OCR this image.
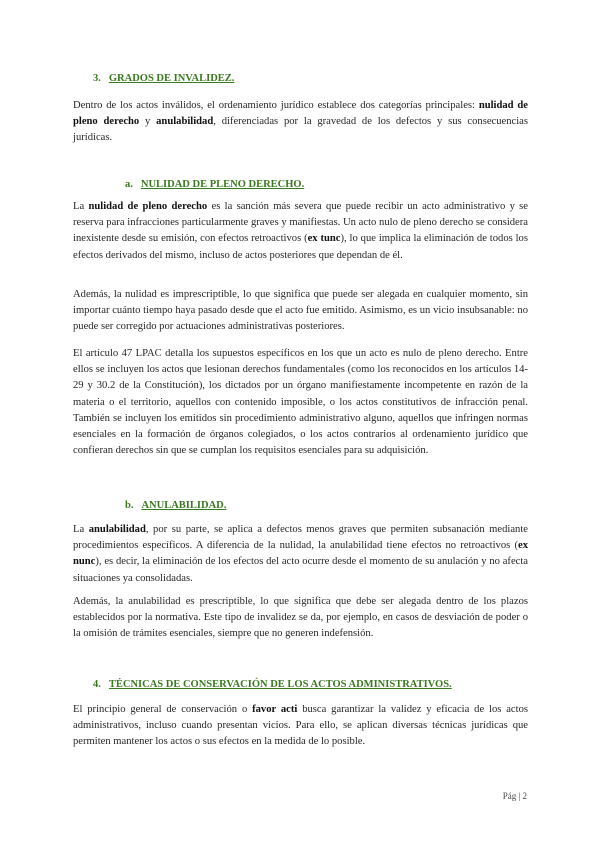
3. GRADOS DE INVALIDEZ.
Dentro de los actos inválidos, el ordenamiento jurídico establece dos categorías principales: nulidad de pleno derecho y anulabilidad, diferenciadas por la gravedad de los defectos y sus consecuencias jurídicas.
a. NULIDAD DE PLENO DERECHO.
La nulidad de pleno derecho es la sanción más severa que puede recibir un acto administrativo y se reserva para infracciones particularmente graves y manifiestas. Un acto nulo de pleno derecho se considera inexistente desde su emisión, con efectos retroactivos (ex tunc), lo que implica la eliminación de todos los efectos derivados del mismo, incluso de actos posteriores que dependan de él.
Además, la nulidad es imprescriptible, lo que significa que puede ser alegada en cualquier momento, sin importar cuánto tiempo haya pasado desde que el acto fue emitido. Asimismo, es un vicio insubsanable: no puede ser corregido por actuaciones administrativas posteriores.
El artículo 47 LPAC detalla los supuestos específicos en los que un acto es nulo de pleno derecho. Entre ellos se incluyen los actos que lesionan derechos fundamentales (como los reconocidos en los artículos 14-29 y 30.2 de la Constitución), los dictados por un órgano manifiestamente incompetente en razón de la materia o el territorio, aquellos con contenido imposible, o los actos constitutivos de infracción penal. También se incluyen los emitidos sin procedimiento administrativo alguno, aquellos que infringen normas esenciales en la formación de órganos colegiados, o los actos contrarios al ordenamiento jurídico que confieran derechos sin que se cumplan los requisitos esenciales para su adquisición.
b. ANULABILIDAD.
La anulabilidad, por su parte, se aplica a defectos menos graves que permiten subsanación mediante procedimientos específicos. A diferencia de la nulidad, la anulabilidad tiene efectos no retroactivos (ex nunc), es decir, la eliminación de los efectos del acto ocurre desde el momento de su anulación y no afecta situaciones ya consolidadas.
Además, la anulabilidad es prescriptible, lo que significa que debe ser alegada dentro de los plazos establecidos por la normativa. Este tipo de invalidez se da, por ejemplo, en casos de desviación de poder o la omisión de trámites esenciales, siempre que no generen indefensión.
4. TÉCNICAS DE CONSERVACIÓN DE LOS ACTOS ADMINISTRATIVOS.
El principio general de conservación o favor acti busca garantizar la validez y eficacia de los actos administrativos, incluso cuando presentan vicios. Para ello, se aplican diversas técnicas jurídicas que permiten mantener los actos o sus efectos en la medida de lo posible.
Pág | 2
